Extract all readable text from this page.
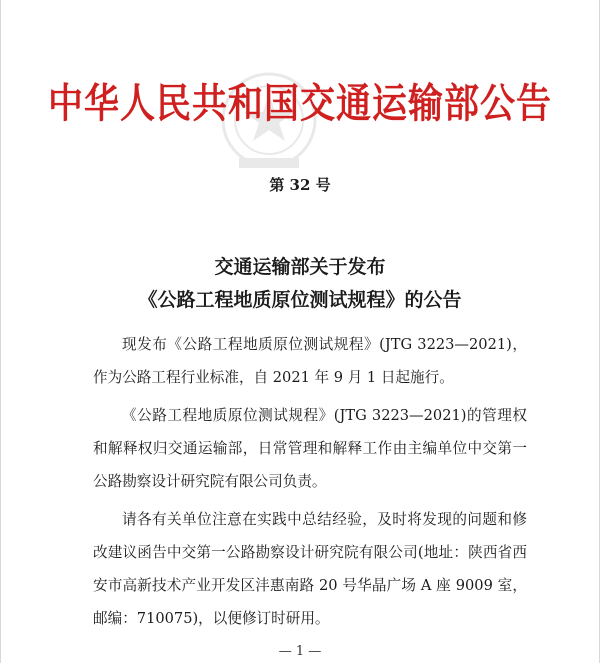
中华人民共和国交通运输部公告
第 32 号
交通运输部关于发布
《公路工程地质原位测试规程》的公告
现发布《公路工程地质原位测试规程》(JTG 3223—2021)，作为公路工程行业标准，自 2021 年 9 月 1 日起施行。
《公路工程地质原位测试规程》(JTG 3223—2021)的管理权和解释权归交通运输部，日常管理和解释工作由主编单位中交第一公路勘察设计研究院有限公司负责。
请各有关单位注意在实践中总结经验，及时将发现的问题和修改建议函告中交第一公路勘察设计研究院有限公司(地址：陕西省西安市高新技术产业开发区沣惠南路 20 号华晶广场 A 座 9009 室，邮编：710075)，以便修订时研用。
— 1 —
